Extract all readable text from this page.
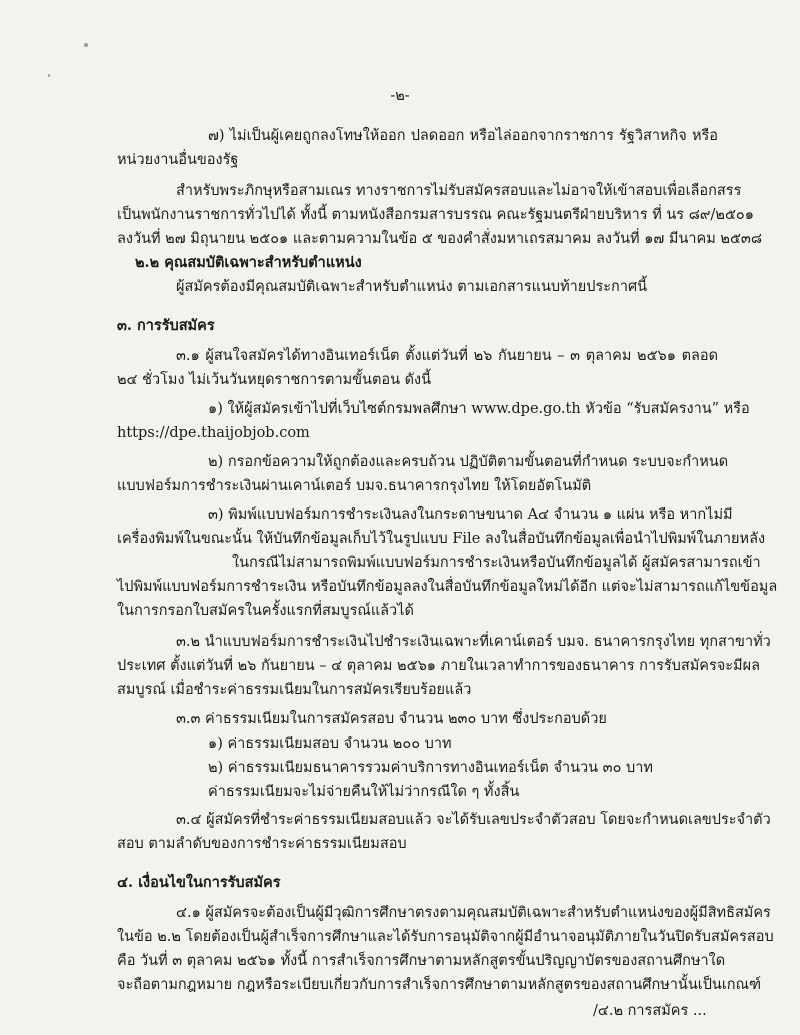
-๒-
๗) ไม่เป็นผู้เคยถูกลงโทษให้ออก ปลดออก หรือไล่ออกจากราชการ รัฐวิสาหกิจ หรือ
หน่วยงานอื่นของรัฐ
สำหรับพระภิกษุหรือสามเณร ทางราชการไม่รับสมัครสอบและไม่อาจให้เข้าสอบเพื่อเลือกสรร
เป็นพนักงานราชการทั่วไปได้ ทั้งนี้ ตามหนังสือกรมสารบรรณ คณะรัฐมนตรีฝ่ายบริหาร ที่ นร ๘๙/๒๕๐๑
ลงวันที่ ๒๗ มิถุนายน ๒๕๐๑ และตามความในข้อ ๕ ของคำสั่งมหาเถรสมาคม ลงวันที่ ๑๗ มีนาคม ๒๕๓๘
๒.๒ คุณสมบัติเฉพาะสำหรับตำแหน่ง
ผู้สมัครต้องมีคุณสมบัติเฉพาะสำหรับตำแหน่ง ตามเอกสารแนบท้ายประกาศนี้
๓. การรับสมัคร
๓.๑ ผู้สนใจสมัครได้ทางอินเทอร์เน็ต ตั้งแต่วันที่ ๒๖ กันยายน – ๓ ตุลาคม ๒๕๖๑ ตลอด
๒๔ ชั่วโมง ไม่เว้นวันหยุดราชการตามขั้นตอน ดังนี้
๑) ให้ผู้สมัครเข้าไปที่เว็บไซต์กรมพลศึกษา www.dpe.go.th หัวข้อ “รับสมัครงาน” หรือ
https://dpe.thaijobjob.com
๒) กรอกข้อความให้ถูกต้องและครบถ้วน ปฏิบัติตามขั้นตอนที่กำหนด ระบบจะกำหนด
แบบฟอร์มการชำระเงินผ่านเคาน์เตอร์ บมจ.ธนาคารกรุงไทย ให้โดยอัตโนมัติ
๓) พิมพ์แบบฟอร์มการชำระเงินลงในกระดาษขนาด A๔ จำนวน ๑ แผ่น หรือ หากไม่มี
เครื่องพิมพ์ในขณะนั้น ให้บันทึกข้อมูลเก็บไว้ในรูปแบบ File ลงในสื่อบันทึกข้อมูลเพื่อนำไปพิมพ์ในภายหลัง
ในกรณีไม่สามารถพิมพ์แบบฟอร์มการชำระเงินหรือบันทึกข้อมูลได้ ผู้สมัครสามารถเข้า
ไปพิมพ์แบบฟอร์มการชำระเงิน หรือบันทึกข้อมูลลงในสื่อบันทึกข้อมูลใหม่ได้อีก แต่จะไม่สามารถแก้ไขข้อมูล
ในการกรอกใบสมัครในครั้งแรกที่สมบูรณ์แล้วได้
๓.๒ นำแบบฟอร์มการชำระเงินไปชำระเงินเฉพาะที่เคาน์เตอร์ บมจ. ธนาคารกรุงไทย ทุกสาขาทั่ว
ประเทศ ตั้งแต่วันที่ ๒๖ กันยายน – ๔ ตุลาคม ๒๕๖๑ ภายในเวลาทำการของธนาคาร การรับสมัครจะมีผล
สมบูรณ์ เมื่อชำระค่าธรรมเนียมในการสมัครเรียบร้อยแล้ว
๓.๓ ค่าธรรมเนียมในการสมัครสอบ จำนวน ๒๓๐ บาท ซึ่งประกอบด้วย
๑) ค่าธรรมเนียมสอบ จำนวน ๒๐๐ บาท
๒) ค่าธรรมเนียมธนาคารรวมค่าบริการทางอินเทอร์เน็ต จำนวน ๓๐ บาท
ค่าธรรมเนียมจะไม่จ่ายคืนให้ไม่ว่ากรณีใด ๆ ทั้งสิ้น
๓.๔ ผู้สมัครที่ชำระค่าธรรมเนียมสอบแล้ว จะได้รับเลขประจำตัวสอบ โดยจะกำหนดเลขประจำตัว
สอบ ตามลำดับของการชำระค่าธรรมเนียมสอบ
๔. เงื่อนไขในการรับสมัคร
๔.๑ ผู้สมัครจะต้องเป็นผู้มีวุฒิการศึกษาตรงตามคุณสมบัติเฉพาะสำหรับตำแหน่งของผู้มีสิทธิสมัคร
ในข้อ ๒.๒ โดยต้องเป็นผู้สำเร็จการศึกษาและได้รับการอนุมัติจากผู้มีอำนาจอนุมัติภายในวันปิดรับสมัครสอบ
คือ วันที่ ๓ ตุลาคม ๒๕๖๑ ทั้งนี้ การสำเร็จการศึกษาตามหลักสูตรขั้นปริญญาบัตรของสถานศึกษาใด
จะถือตามกฎหมาย กฎหรือระเบียบเกี่ยวกับการสำเร็จการศึกษาตามหลักสูตรของสถานศึกษานั้นเป็นเกณฑ์
/๔.๒ การสมัคร ...
